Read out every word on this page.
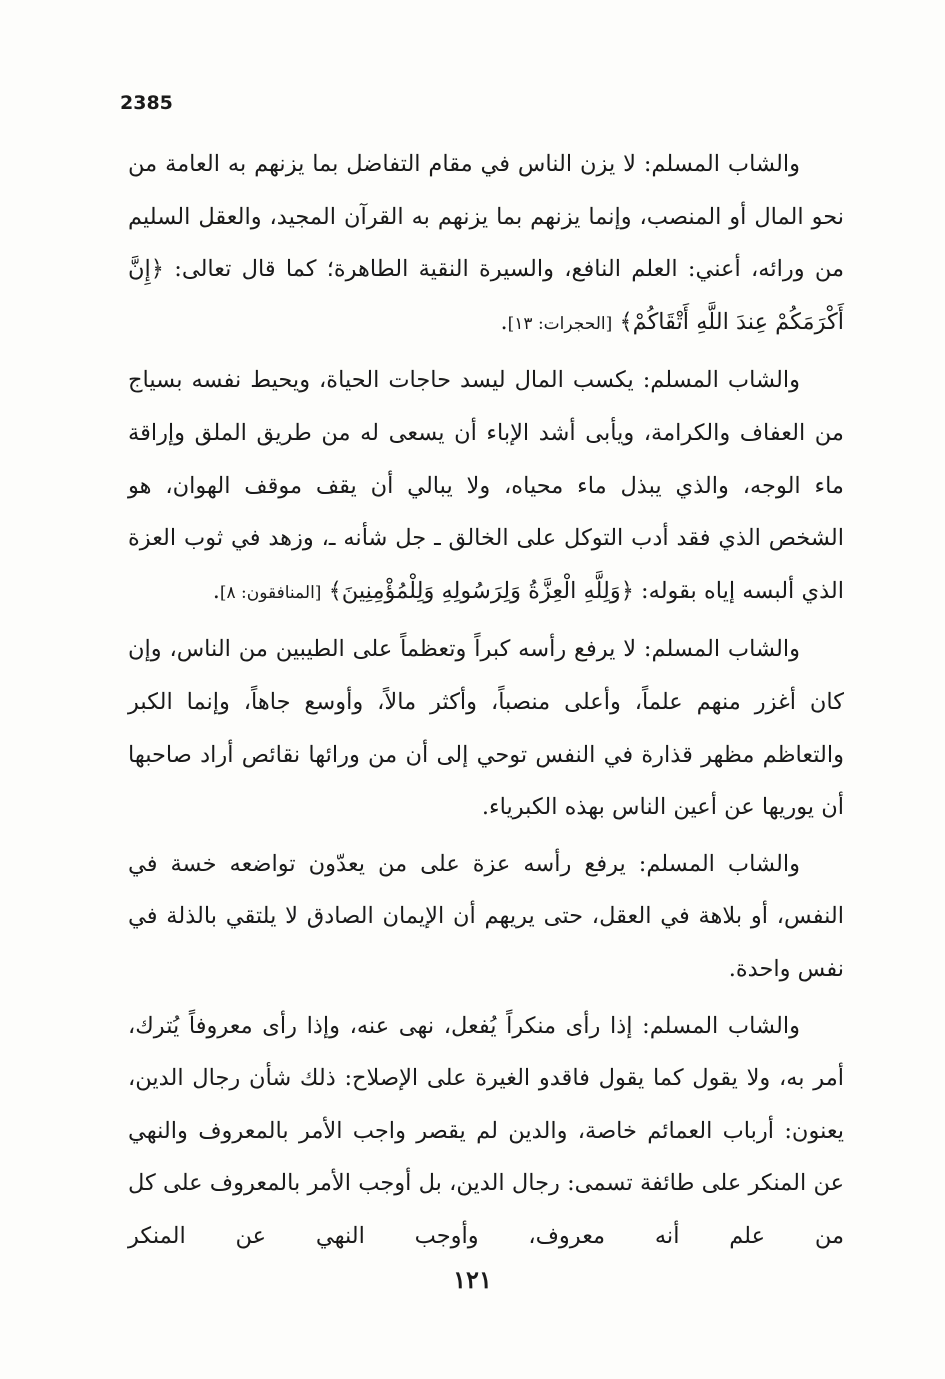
2385

والشاب المسلم: لا يزن الناس في مقام التفاضل بما يزنهم به العامة من نحو المال أو المنصب، وإنما يزنهم بما يزنهم به القرآن المجيد، والعقل السليم من ورائه، أعني: العلم النافع، والسيرة النقية الطاهرة؛ كما قال تعالى: ﴿إِنَّ أَكْرَمَكُمْ عِندَ اللَّهِ أَتْقَاكُمْ﴾ [الحجرات: ١٣].

والشاب المسلم: يكسب المال ليسد حاجات الحياة، ويحيط نفسه بسياج من العفاف والكرامة، ويأبى أشد الإباء أن يسعى له من طريق الملق وإراقة ماء الوجه، والذي يبذل ماء محياه، ولا يبالي أن يقف موقف الهوان، هو الشخص الذي فقد أدب التوكل على الخالق ـ جل شأنه ـ، وزهد في ثوب العزة الذي ألبسه إياه بقوله: ﴿وَلِلَّهِ الْعِزَّةُ وَلِرَسُولِهِ وَلِلْمُؤْمِنِينَ﴾ [المنافقون: ٨].

والشاب المسلم: لا يرفع رأسه كبراً وتعظماً على الطيبين من الناس، وإن كان أغزر منهم علماً، وأعلى منصباً، وأكثر مالاً، وأوسع جاهاً، وإنما الكبر والتعاظم مظهر قذارة في النفس توحي إلى أن من ورائها نقائص أراد صاحبها أن يوريها عن أعين الناس بهذه الكبرياء.

والشاب المسلم: يرفع رأسه عزة على من يعدّون تواضعه خسة في النفس، أو بلاهة في العقل، حتى يريهم أن الإيمان الصادق لا يلتقي بالذلة في نفس واحدة.

والشاب المسلم: إذا رأى منكراً يُفعل، نهى عنه، وإذا رأى معروفاً يُترك، أمر به، ولا يقول كما يقول فاقدو الغيرة على الإصلاح: ذلك شأن رجال الدين، يعنون: أرباب العمائم خاصة، والدين لم يقصر واجب الأمر بالمعروف والنهي عن المنكر على طائفة تسمى: رجال الدين، بل أوجب الأمر بالمعروف على كل من علم أنه معروف، وأوجب النهي عن المنكر

١٢١
